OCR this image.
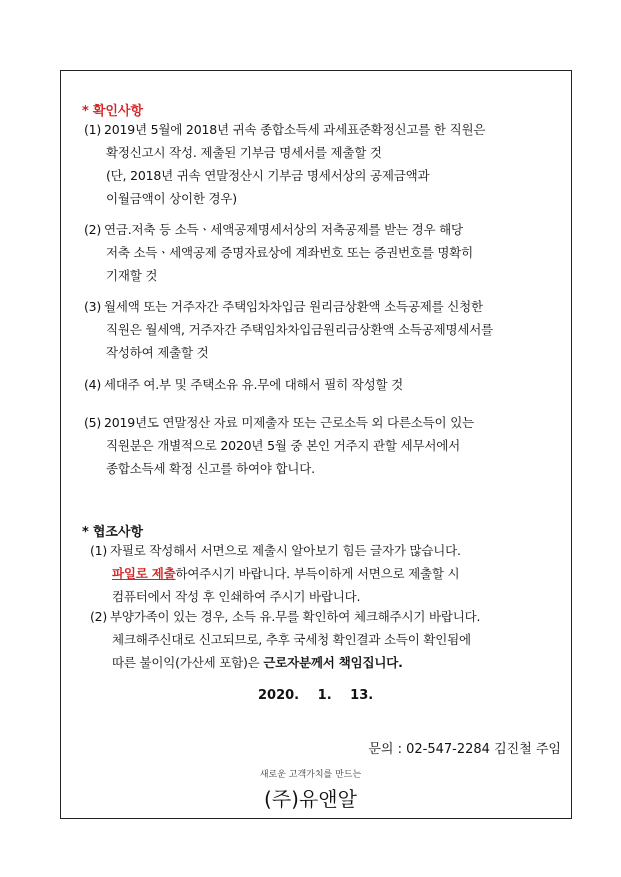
* 확인사항
(1) 2019년 5월에 2018년 귀속 종합소득세 과세표준확정신고를 한 직원은
확정신고시 작성. 제출된 기부금 명세서를 제출할 것
(단, 2018년 귀속 연말정산시 기부금 명세서상의 공제금액과
이월금액이 상이한 경우)
(2) 연금.저축 등 소득ㆍ세액공제명세서상의 저축공제를 받는 경우 해당
저축 소득ㆍ세액공제 증명자료상에 계좌번호 또는 증권번호를 명확히
기재할 것
(3) 월세액 또는 거주자간 주택임차차입금 원리금상환액 소득공제를 신청한
직원은 월세액, 거주자간 주택임차차입금원리금상환액 소득공제명세서를
작성하여 제출할 것
(4) 세대주 여.부 및 주택소유 유.무에 대해서 필히 작성할 것
(5) 2019년도 연말정산 자료 미제출자 또는 근로소득 외 다른소득이 있는
직원분은 개별적으로 2020년 5월 중 본인 거주지 관할 세무서에서
종합소득세 확정 신고를 하여야 합니다.
* 협조사항
(1) 자필로 작성해서 서면으로 제출시 알아보기 힘든 글자가 많습니다.
파일로 제출하여주시기 바랍니다. 부득이하게 서면으로 제출할 시
컴퓨터에서 작성 후 인쇄하여 주시기 바랍니다.
(2) 부양가족이 있는 경우, 소득 유.무를 확인하여 체크해주시기 바랍니다.
체크해주신대로 신고되므로, 추후 국세청 확인결과 소득이 확인됨에
따른 불이익(가산세 포함)은 근로자분께서 책임집니다.
2020. 1. 13.
문의 : 02-547-2284 김진철 주임
새로운 고객가치를 만드는
(주)유앤알
